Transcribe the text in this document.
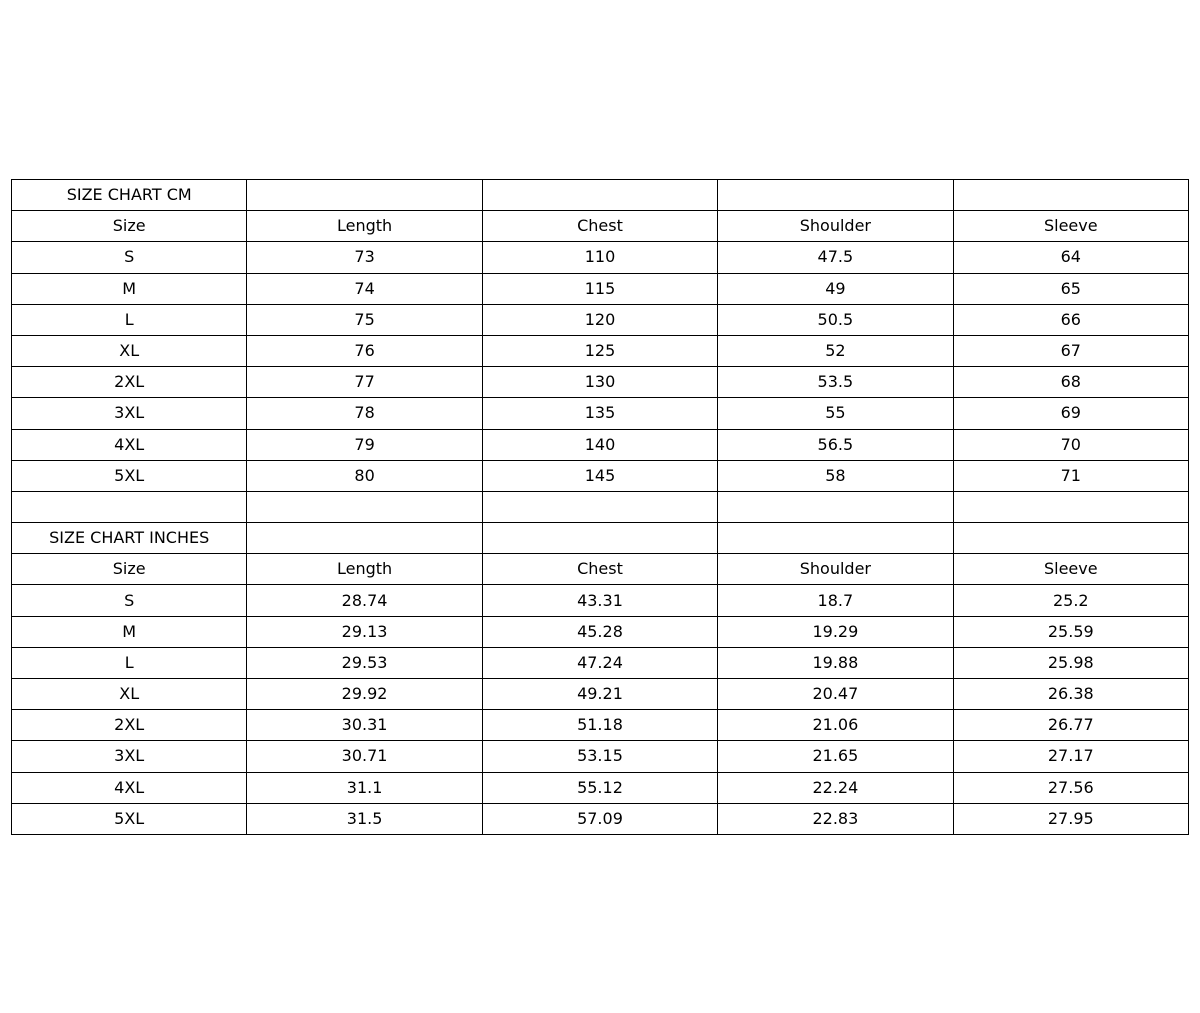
SIZE CHART CM				
Size	Length	Chest	Shoulder	Sleeve
S	73	110	47.5	64
M	74	115	49	65
L	75	120	50.5	66
XL	76	125	52	67
2XL	77	130	53.5	68
3XL	78	135	55	69
4XL	79	140	56.5	70
5XL	80	145	58	71

SIZE CHART INCHES				
Size	Length	Chest	Shoulder	Sleeve
S	28.74	43.31	18.7	25.2
M	29.13	45.28	19.29	25.59
L	29.53	47.24	19.88	25.98
XL	29.92	49.21	20.47	26.38
2XL	30.31	51.18	21.06	26.77
3XL	30.71	53.15	21.65	27.17
4XL	31.1	55.12	22.24	27.56
5XL	31.5	57.09	22.83	27.95
